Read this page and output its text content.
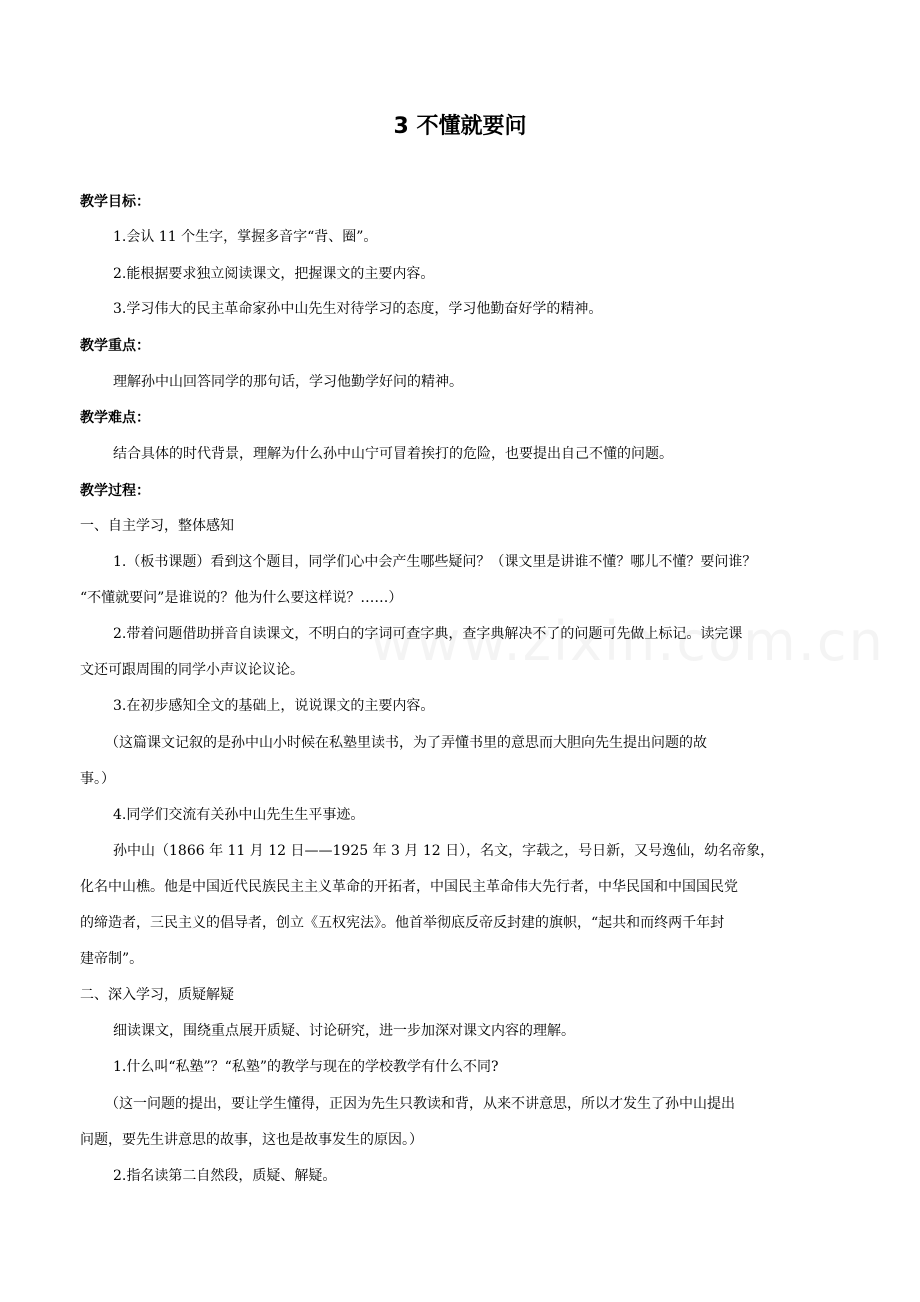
3 不懂就要问
教学目标：
1.会认 11 个生字，掌握多音字“背、圈”。
2.能根据要求独立阅读课文，把握课文的主要内容。
3.学习伟大的民主革命家孙中山先生对待学习的态度，学习他勤奋好学的精神。
教学重点：
理解孙中山回答同学的那句话，学习他勤学好问的精神。
教学难点：
结合具体的时代背景，理解为什么孙中山宁可冒着挨打的危险，也要提出自己不懂的问题。
教学过程：
一、自主学习，整体感知
1.（板书课题）看到这个题目，同学们心中会产生哪些疑问？（课文里是讲谁不懂？哪儿不懂？要问谁？
“不懂就要问”是谁说的？他为什么要这样说？……）
2.带着问题借助拼音自读课文，不明白的字词可查字典，查字典解决不了的问题可先做上标记。读完课
文还可跟周围的同学小声议论议论。
3.在初步感知全文的基础上，说说课文的主要内容。
（这篇课文记叙的是孙中山小时候在私塾里读书，为了弄懂书里的意思而大胆向先生提出问题的故
事。）
4.同学们交流有关孙中山先生生平事迹。
孙中山（1866 年 11 月 12 日——1925 年 3 月 12 日），名文，字载之，号日新，又号逸仙，幼名帝象，
化名中山樵。他是中国近代民族民主主义革命的开拓者，中国民主革命伟大先行者，中华民国和中国国民党
的缔造者，三民主义的倡导者，创立《五权宪法》。他首举彻底反帝反封建的旗帜，“起共和而终两千年封
建帝制”。
二、深入学习，质疑解疑
细读课文，围绕重点展开质疑、讨论研究，进一步加深对课文内容的理解。
1.什么叫“私塾”？“私塾”的教学与现在的学校教学有什么不同?
（这一问题的提出，要让学生懂得，正因为先生只教读和背，从来不讲意思，所以才发生了孙中山提出
问题，要先生讲意思的故事，这也是故事发生的原因。）
2.指名读第二自然段，质疑、解疑。
